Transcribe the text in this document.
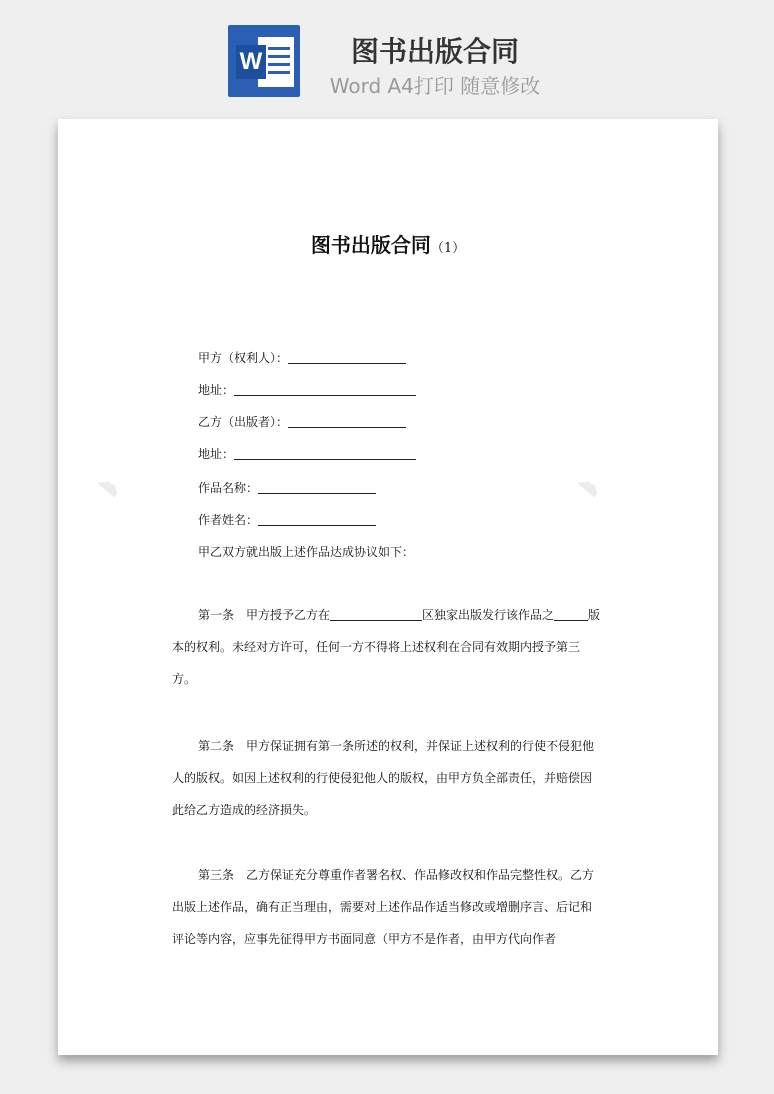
W	图书出版合同
Word A4打印 随意修改
☁	☁
图书出版合同（1）
甲方（权利人）：
地址：
乙方（出版者）：
地址：
作品名称：
作者姓名：
甲乙双方就出版上述作品达成协议如下：
第一条　甲方授予乙方在	区独家出版发行该作品之	版本的权利。未经对方许可，任何一方不得将上述权利在合同有效期内授予第三方。
第二条　甲方保证拥有第一条所述的权利，并保证上述权利的行使不侵犯他人的版权。如因上述权利的行使侵犯他人的版权，由甲方负全部责任，并赔偿因此给乙方造成的经济损失。
第三条　乙方保证充分尊重作者署名权、作品修改权和作品完整性权。乙方出版上述作品，确有正当理由，需要对上述作品作适当修改或增删序言、后记和评论等内容，应事先征得甲方书面同意（甲方不是作者，由甲方代向作者
